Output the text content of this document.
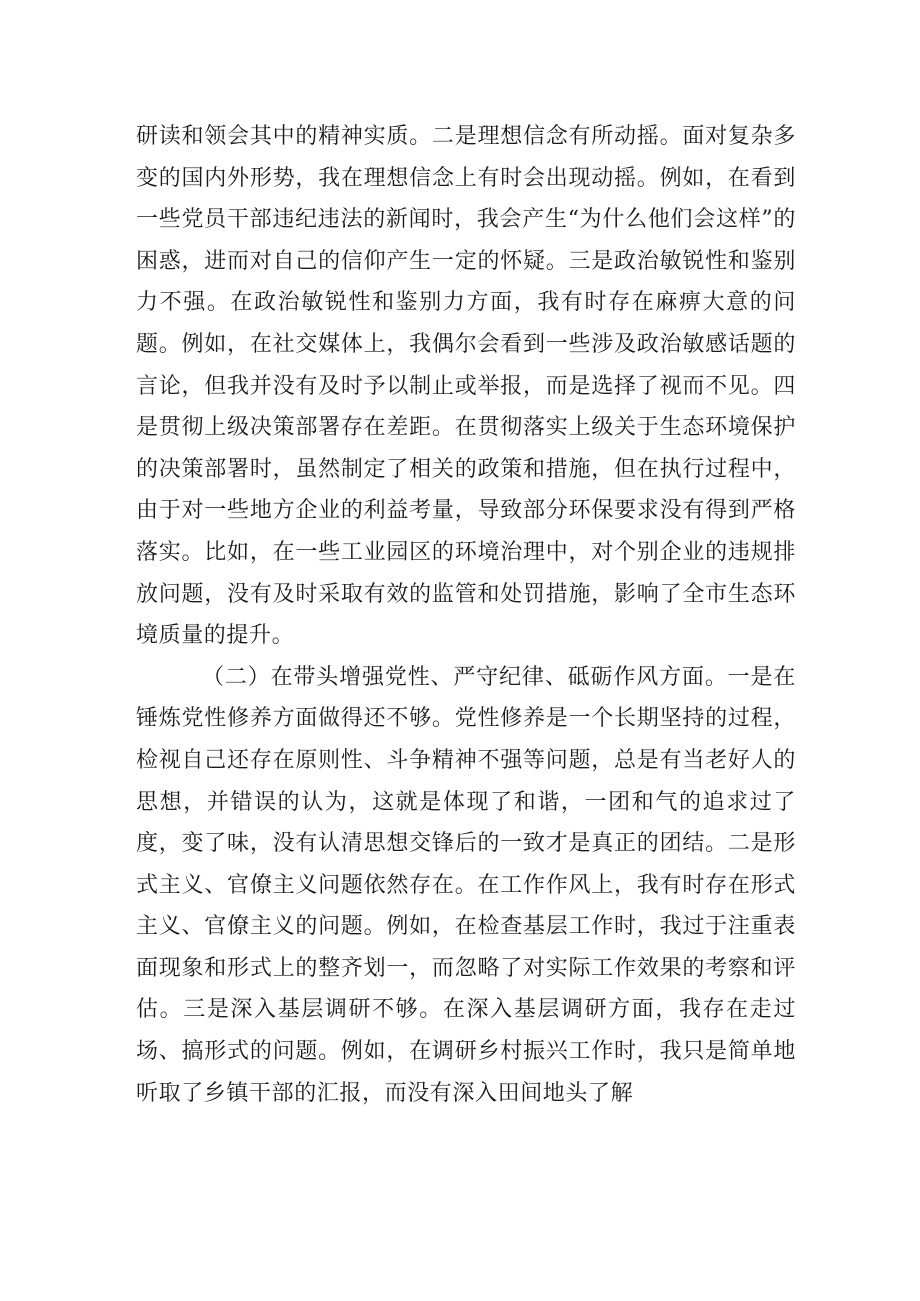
研读和领会其中的精神实质。二是理想信念有所动摇。面对复杂多变的国内外形势，我在理想信念上有时会出现动摇。例如，在看到一些党员干部违纪违法的新闻时，我会产生“为什么他们会这样”的困惑，进而对自己的信仰产生一定的怀疑。三是政治敏锐性和鉴别力不强。在政治敏锐性和鉴别力方面，我有时存在麻痹大意的问题。例如，在社交媒体上，我偶尔会看到一些涉及政治敏感话题的言论，但我并没有及时予以制止或举报，而是选择了视而不见。四是贯彻上级决策部署存在差距。在贯彻落实上级关于生态环境保护的决策部署时，虽然制定了相关的政策和措施，但在执行过程中，由于对一些地方企业的利益考量，导致部分环保要求没有得到严格落实。比如，在一些工业园区的环境治理中，对个别企业的违规排放问题，没有及时采取有效的监管和处罚措施，影响了全市生态环境质量的提升。

（二）在带头增强党性、严守纪律、砥砺作风方面。一是在锤炼党性修养方面做得还不够。党性修养是一个长期坚持的过程，检视自己还存在原则性、斗争精神不强等问题，总是有当老好人的思想，并错误的认为，这就是体现了和谐，一团和气的追求过了度，变了味，没有认清思想交锋后的一致才是真正的团结。二是形式主义、官僚主义问题依然存在。在工作作风上，我有时存在形式主义、官僚主义的问题。例如，在检查基层工作时，我过于注重表面现象和形式上的整齐划一，而忽略了对实际工作效果的考察和评估。三是深入基层调研不够。在深入基层调研方面，我存在走过场、搞形式的问题。例如，在调研乡村振兴工作时，我只是简单地听取了乡镇干部的汇报，而没有深入田间地头了解
